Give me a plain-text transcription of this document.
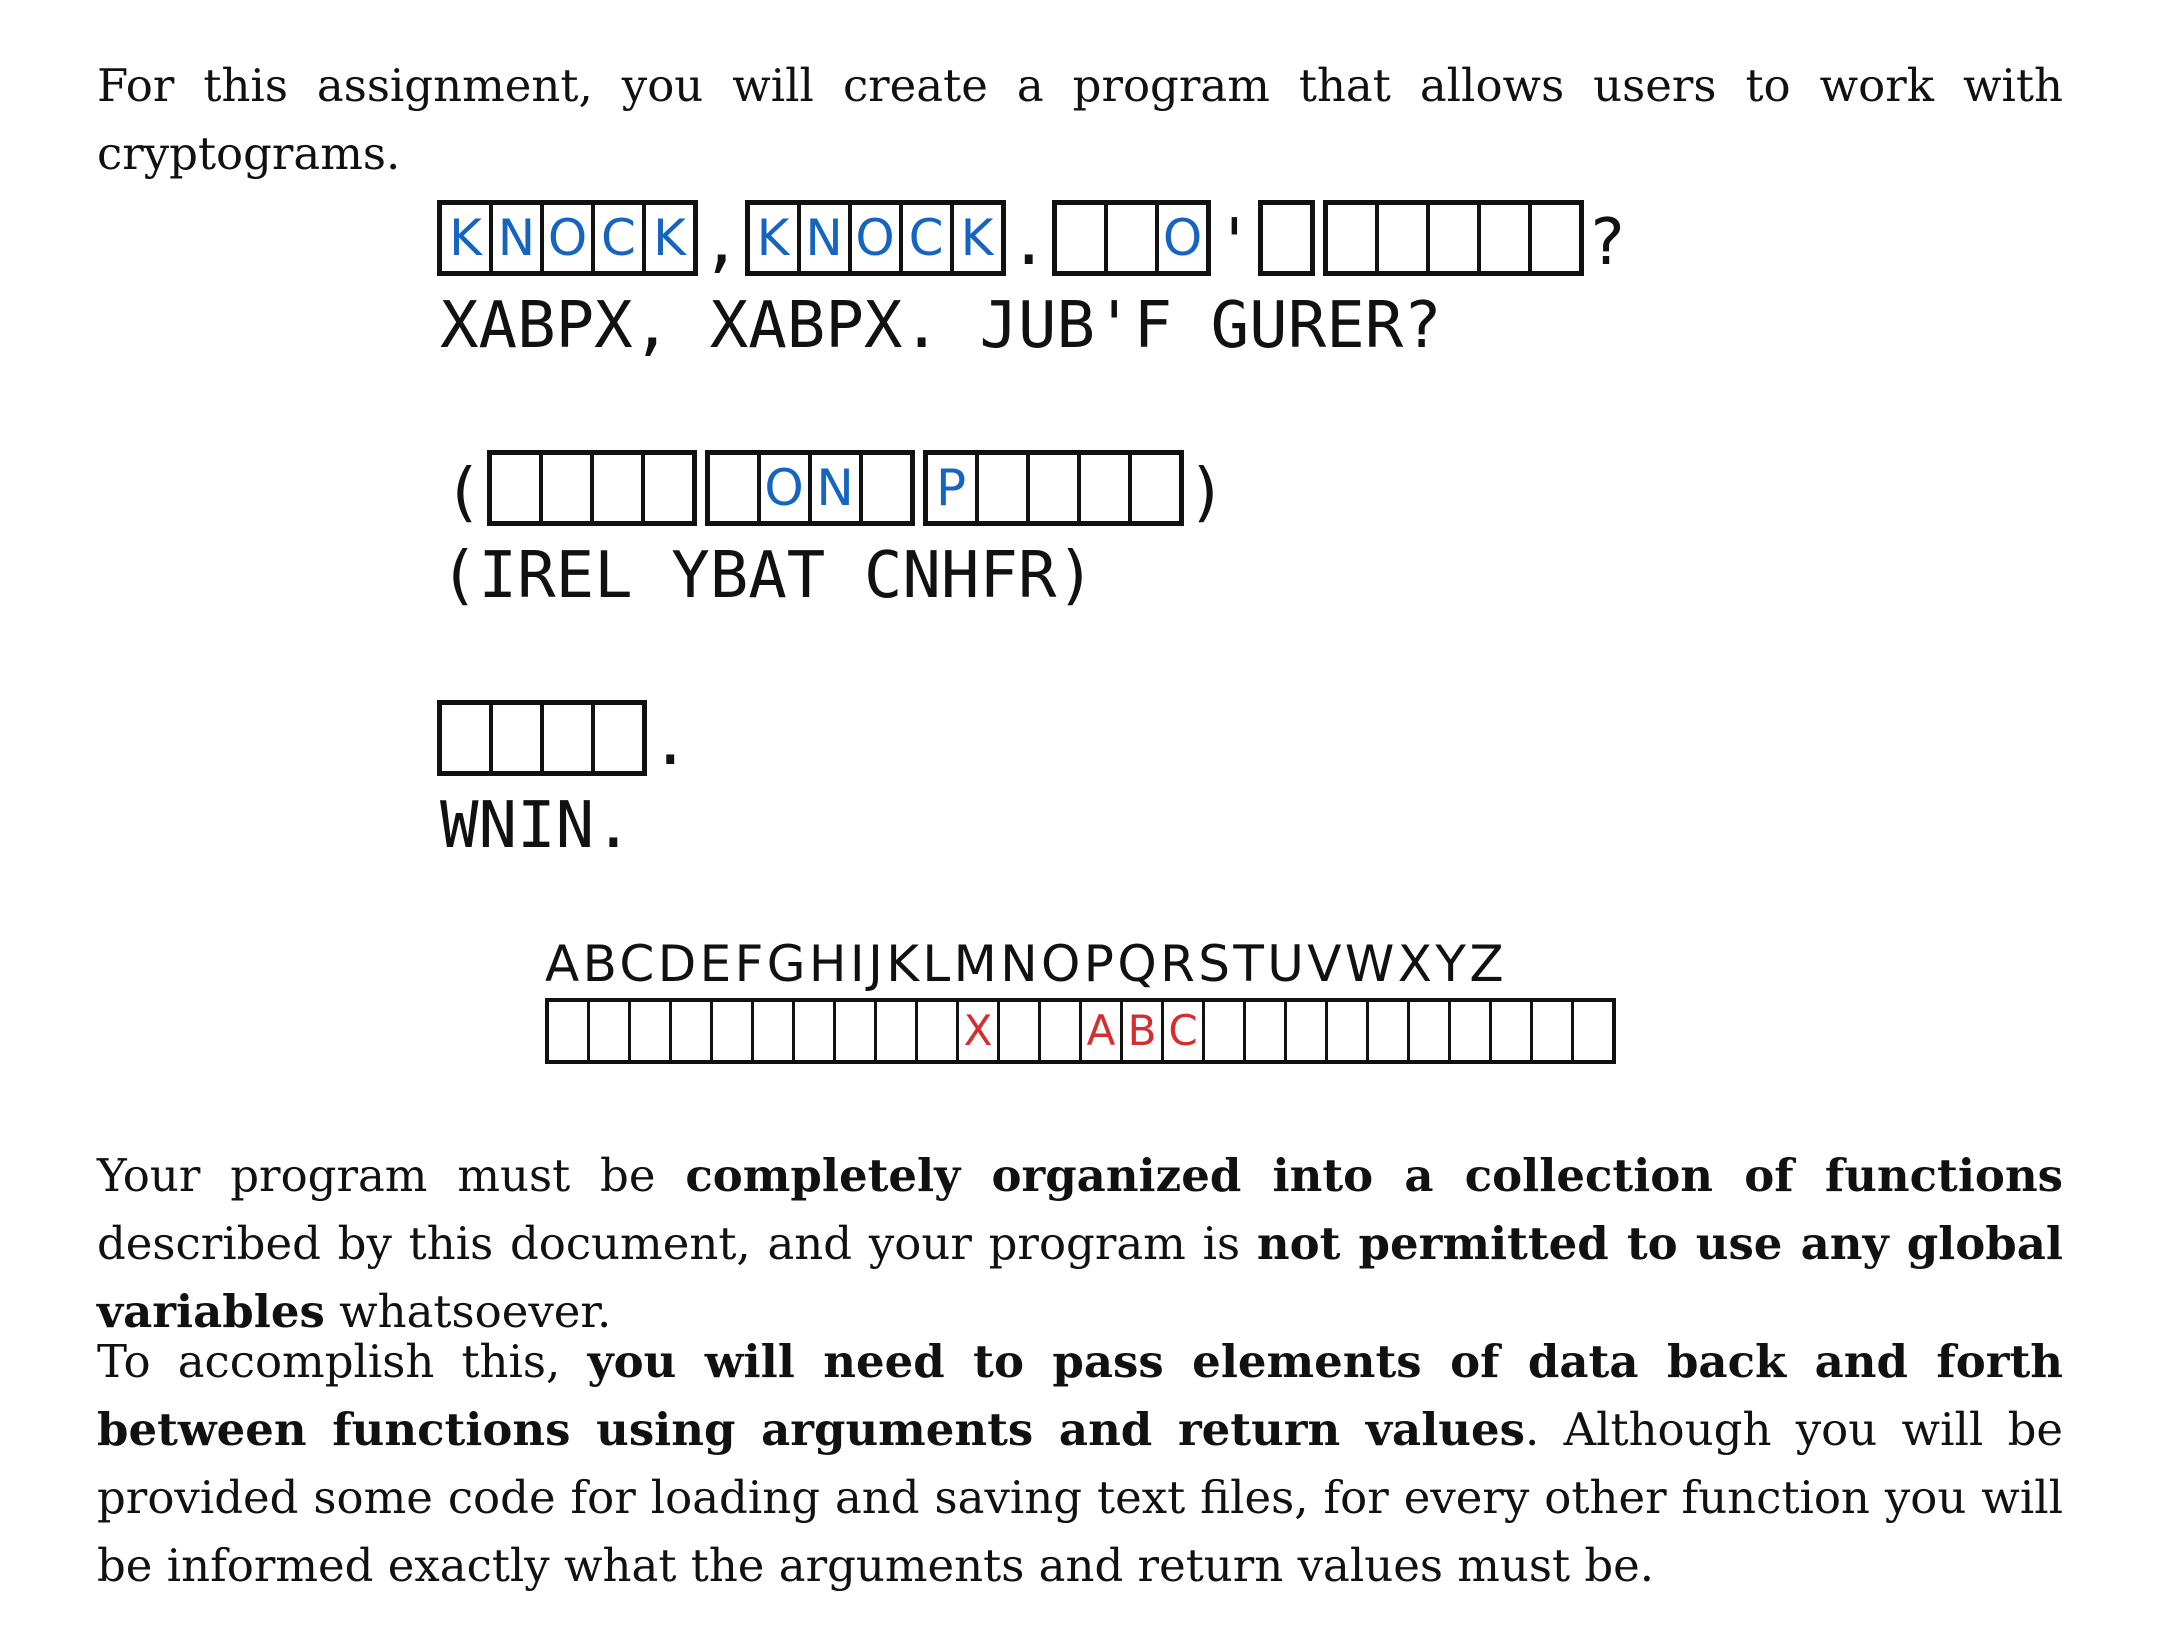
For this assignment, you will create a program that allows users to work with cryptograms.

K N O C K , K N O C K . O '	?
XABPX, XABPX. JUB'F GURER?
(	O N P	)
(IREL YBAT CNHFR)
.
WNIN.
ABCDEFGHIJKLMNOPQRSTUVWXYZ
X A B C

Your program must be completely organized into a collection of functions described by this document, and your program is not permitted to use any global variables whatsoever.

To accomplish this, you will need to pass elements of data back and forth between functions using arguments and return values. Although you will be provided some code for loading and saving text files, for every other function you will be informed exactly what the arguments and return values must be.
